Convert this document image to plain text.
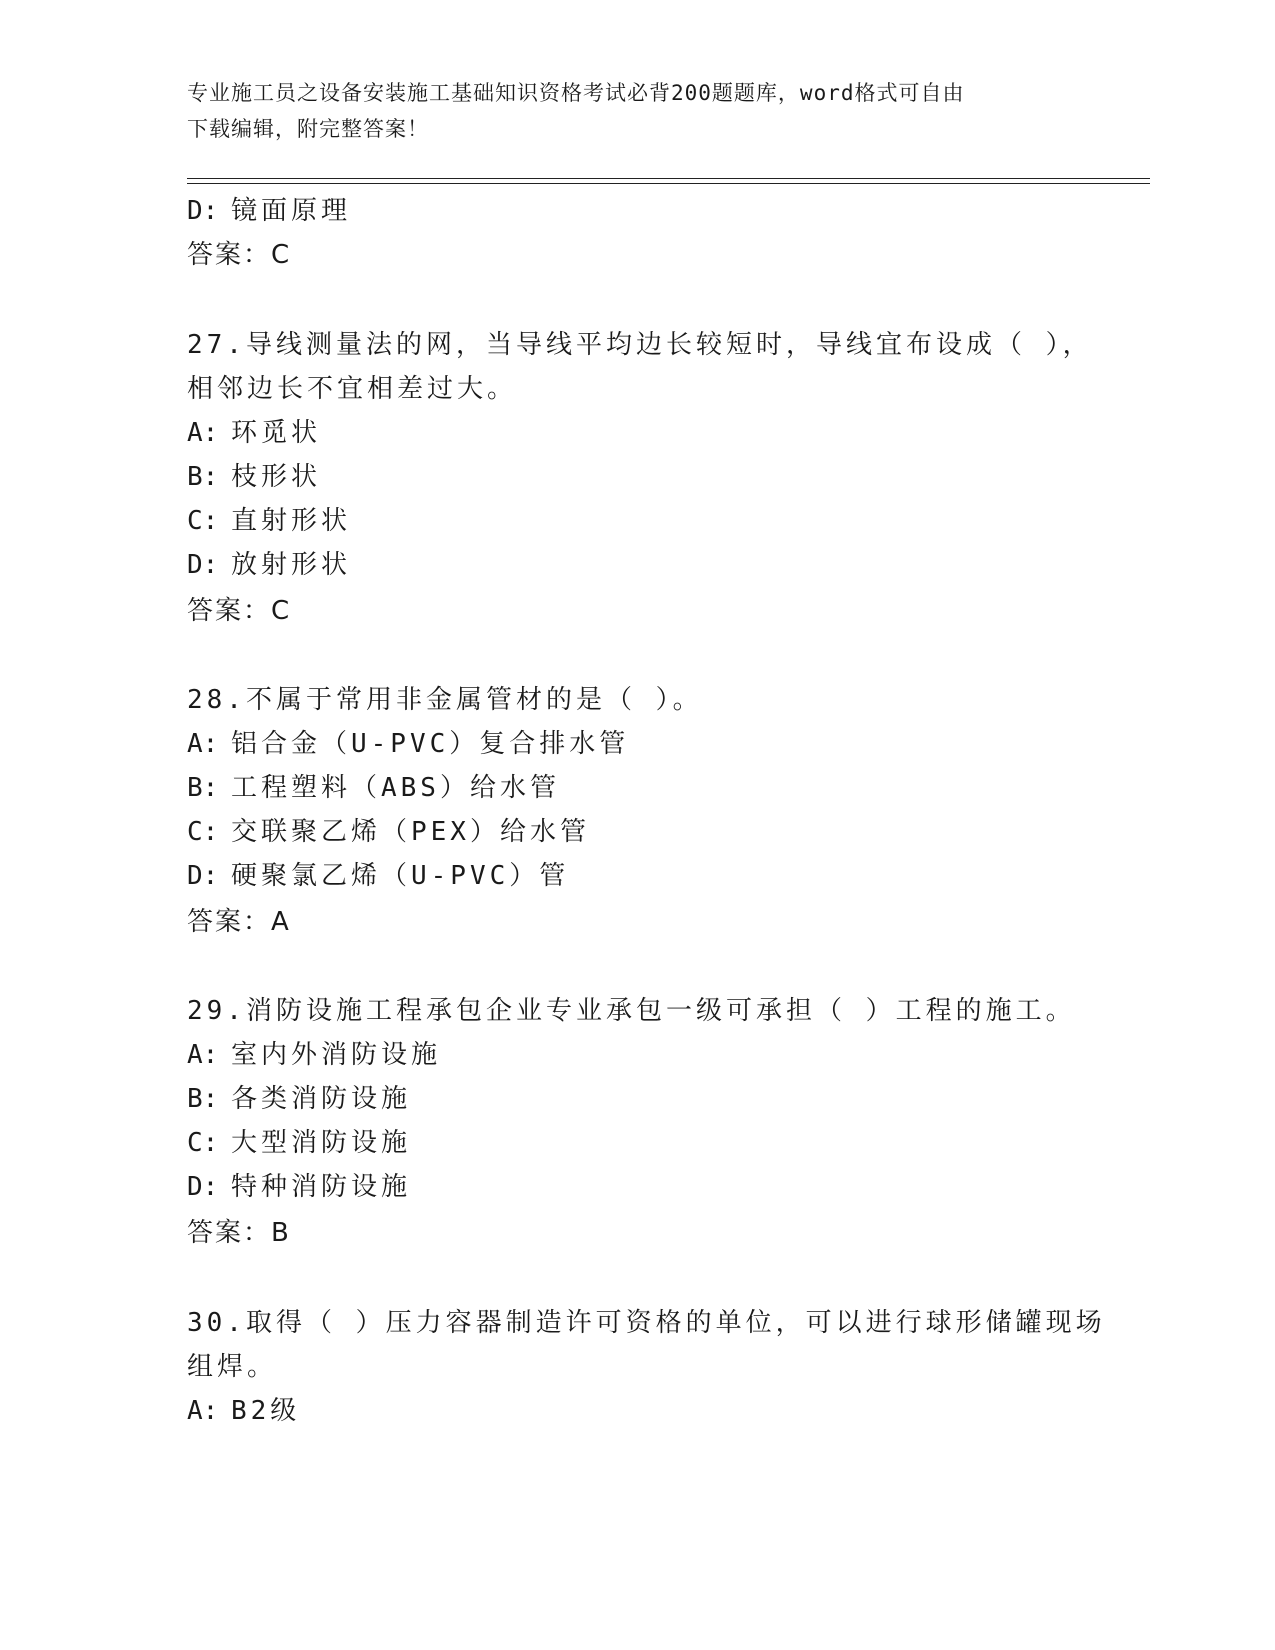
专业施工员之设备安装施工基础知识资格考试必背200题题库，word格式可自由
下载编辑，附完整答案！
D: 镜面原理
答案：C
27.导线测量法的网，当导线平均边长较短时，导线宜布设成（ ），
相邻边长不宜相差过大。
A: 环觅状
B: 枝形状
C: 直射形状
D: 放射形状
答案：C
28.不属于常用非金属管材的是（ ）。
A: 铝合金（U-PVC）复合排水管
B: 工程塑料（ABS）给水管
C: 交联聚乙烯（PEX）给水管
D: 硬聚氯乙烯（U-PVC）管
答案：A
29.消防设施工程承包企业专业承包一级可承担（ ）工程的施工。
A: 室内外消防设施
B: 各类消防设施
C: 大型消防设施
D: 特种消防设施
答案：B
30.取得（ ）压力容器制造许可资格的单位，可以进行球形储罐现场
组焊。
A: B2级
